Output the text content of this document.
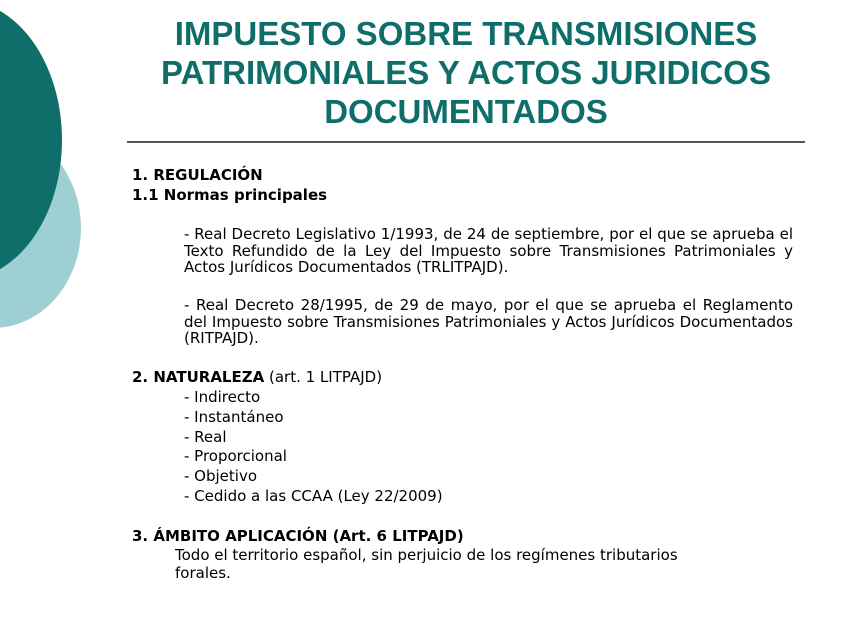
IMPUESTO SOBRE TRANSMISIONES PATRIMONIALES Y ACTOS JURIDICOS DOCUMENTADOS

1. REGULACIÓN

1.1 Normas principales

- Real Decreto Legislativo 1/1993, de 24 de septiembre, por el que se aprueba el Texto Refundido de la Ley del Impuesto sobre Transmisiones Patrimoniales y Actos Jurídicos Documentados (TRLITPAJD).

- Real Decreto 28/1995, de 29 de mayo, por el que se aprueba el Reglamento del Impuesto sobre Transmisiones Patrimoniales y Actos Jurídicos Documentados (RITPAJD).

2. NATURALEZA (art. 1 LITPAJD)

- Indirecto

- Instantáneo

- Real

- Proporcional

- Objetivo

- Cedido a las CCAA (Ley 22/2009)

3. ÁMBITO APLICACIÓN (Art. 6 LITPAJD)

Todo el territorio español, sin perjuicio de los regímenes tributarios

forales.
